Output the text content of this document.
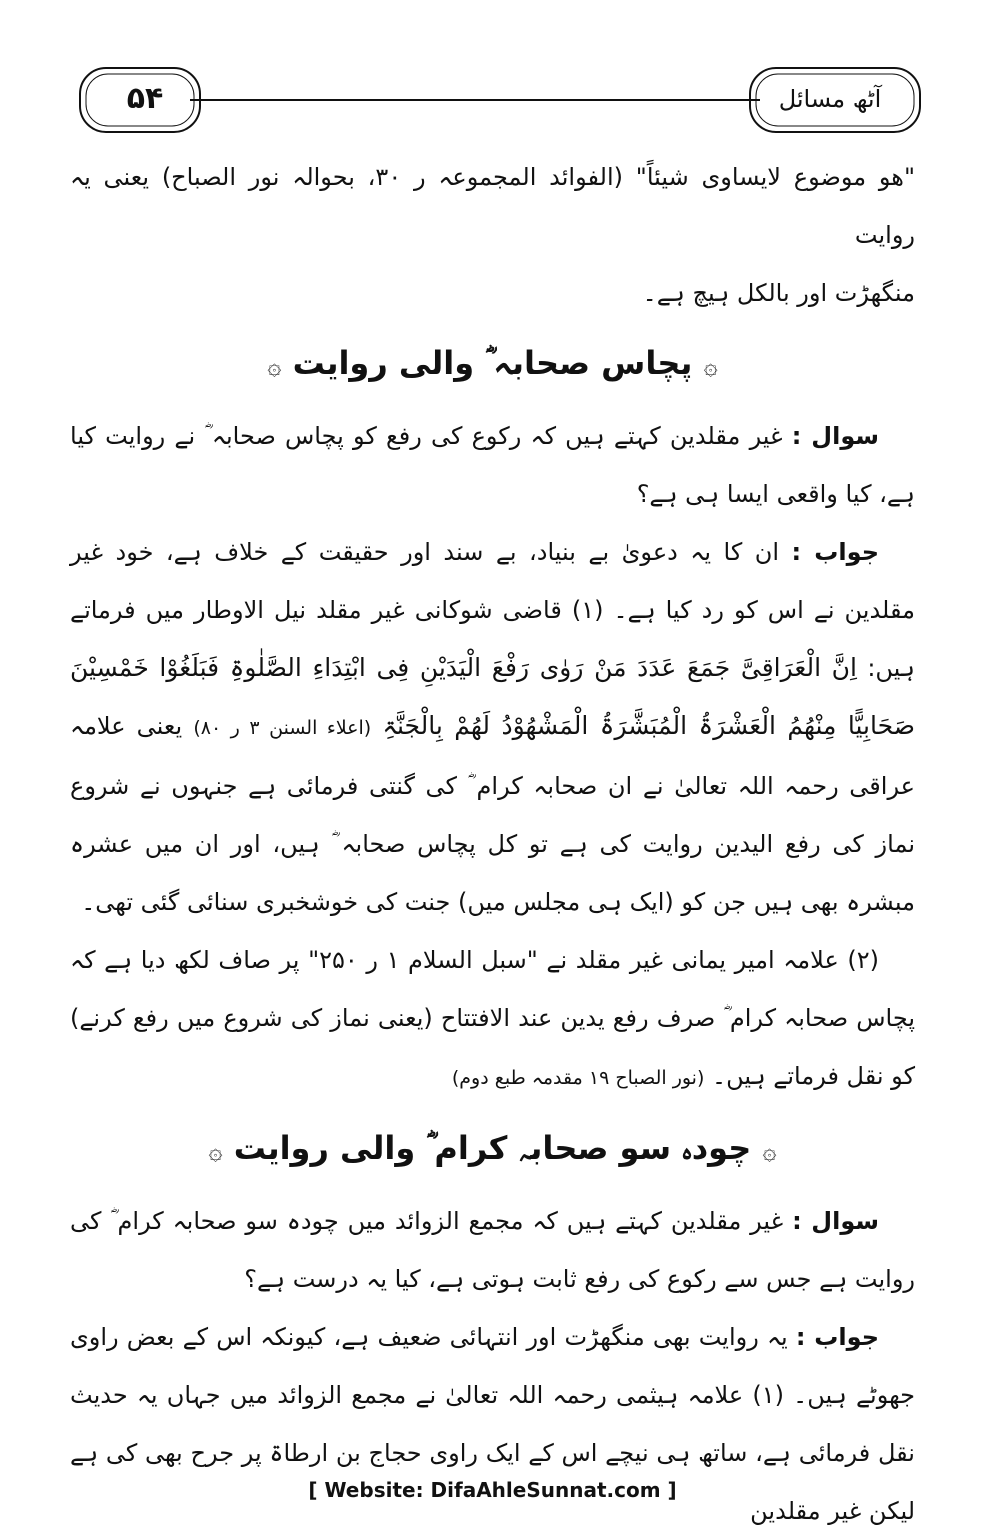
۵۴	آٹھ مسائل

"ھو موضوع لایساوی شیئاً" (الفوائد المجموعہ ر ۳۰، بحوالہ نور الصباح) یعنی یہ روایت

منگھڑت اور بالکل ہیچ ہے۔

۞ پچاس صحابہ ؓ والی روایت ۞

سوال : غیر مقلدین کہتے ہیں کہ رکوع کی رفع کو پچاس صحابہ ؓ نے روایت کیا ہے، کیا واقعی ایسا ہی ہے؟

جواب : ان کا یہ دعویٰ بے بنیاد، بے سند اور حقیقت کے خلاف ہے، خود غیر مقلدین نے اس کو رد کیا ہے۔ (۱) قاضی شوکانی غیر مقلد نیل الاوطار میں فرماتے ہیں: اِنَّ الْعَرَاقِیَّ جَمَعَ عَدَدَ مَنْ رَوٰی رَفْعَ الْیَدَیْنِ فِی ابْتِدَاءِ الصَّلٰوۃِ فَبَلَغُوْا خَمْسِیْنَ صَحَابِیًّا مِنْھُمُ الْعَشْرَۃُ الْمُبَشَّرَۃُ الْمَشْھُوْدُ لَھُمْ بِالْجَنَّۃِ (اعلاء السنن ۳ ر ۸۰) یعنی علامہ عراقی رحمہ اللہ تعالیٰ نے ان صحابہ کرام ؓ کی گنتی فرمائی ہے جنہوں نے شروع نماز کی رفع الیدین روایت کی ہے تو کل پچاس صحابہ ؓ ہیں، اور ان میں عشرہ مبشرہ بھی ہیں جن کو (ایک ہی مجلس میں) جنت کی خوشخبری سنائی گئی تھی۔

(۲) علامہ امیر یمانی غیر مقلد نے "سبل السلام ۱ ر ۲۵۰" پر صاف لکھ دیا ہے کہ پچاس صحابہ کرام ؓ صرف رفع یدین عند الافتتاح (یعنی نماز کی شروع میں رفع کرنے) کو نقل فرماتے ہیں۔ (نور الصباح ۱۹ مقدمہ طبع دوم)

۞ چودہ سو صحابہ کرام ؓ والی روایت ۞

سوال : غیر مقلدین کہتے ہیں کہ مجمع الزوائد میں چودہ سو صحابہ کرام ؓ کی روایت ہے جس سے رکوع کی رفع ثابت ہوتی ہے، کیا یہ درست ہے؟

جواب : یہ روایت بھی منگھڑت اور انتہائی ضعیف ہے، کیونکہ اس کے بعض راوی جھوٹے ہیں۔ (۱) علامہ ہیثمی رحمہ اللہ تعالیٰ نے مجمع الزوائد میں جہاں یہ حدیث نقل فرمائی ہے، ساتھ ہی نیچے اس کے ایک راوی حجاج بن ارطاۃ پر جرح بھی کی ہے لیکن غیر مقلدین

[ Website: DifaAhleSunnat.com ]
